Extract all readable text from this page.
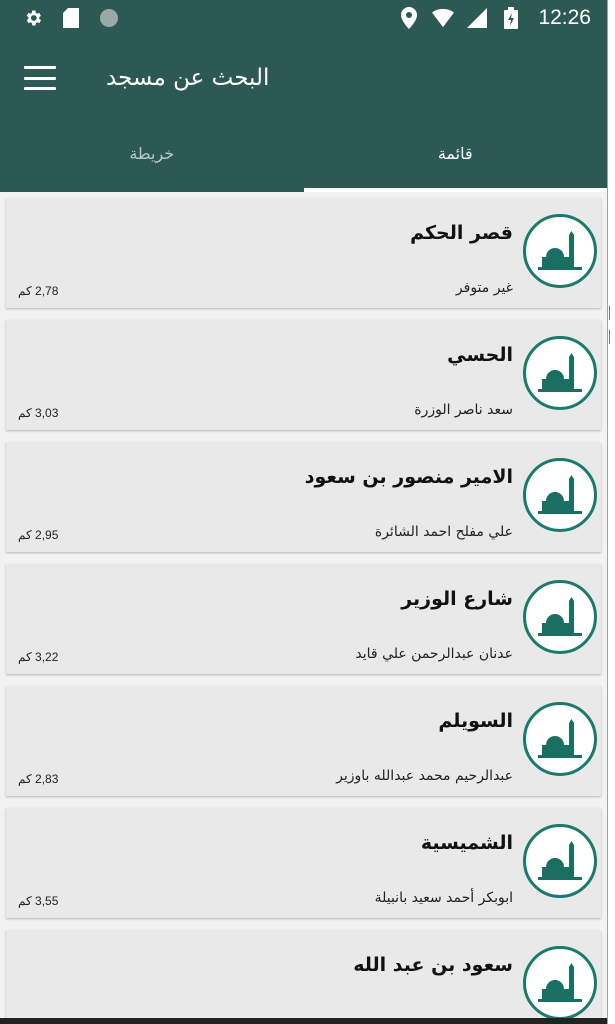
12:26
البحث عن مسجد
خريطة	قائمة
قصر الحكم
غير متوفر
2,78 كم
الحسي
سعد ناصر الوزرة
3,03 كم
الامير منصور بن سعود
علي مفلح احمد الشائرة
2,95 كم
شارع الوزير
عدنان عبدالرحمن علي قايد
3,22 كم
السويلم
عبدالرحيم محمد عبدالله باوزير
2,83 كم
الشميسية
ابوبكر أحمد سعيد بانبيلة
3,55 كم
سعود بن عبد الله
